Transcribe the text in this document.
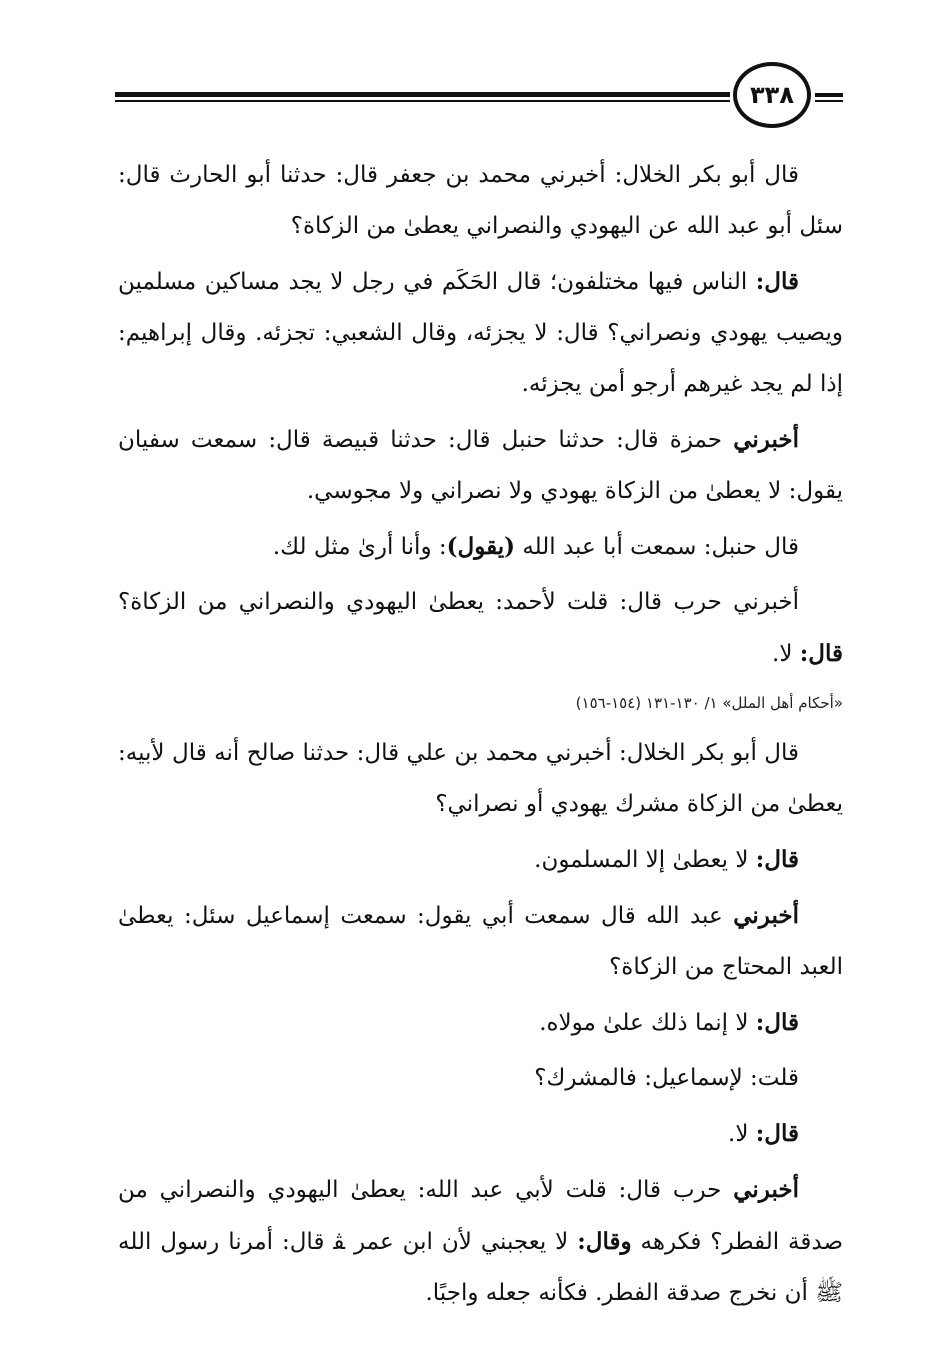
٣٣٨

قال أبو بكر الخلال: أخبرني محمد بن جعفر قال: حدثنا أبو الحارث قال: سئل أبو عبد الله عن اليهودي والنصراني يعطىٰ من الزكاة؟

قال: الناس فيها مختلفون؛ قال الحَكَم في رجل لا يجد مساكين مسلمين ويصيب يهودي ونصراني؟ قال: لا يجزئه، وقال الشعبي: تجزئه. وقال إبراهيم: إذا لم يجد غيرهم أرجو أمن يجزئه.

أخبرني حمزة قال: حدثنا حنبل قال: حدثنا قبيصة قال: سمعت سفيان يقول: لا يعطىٰ من الزكاة يهودي ولا نصراني ولا مجوسي.

قال حنبل: سمعت أبا عبد الله (يقول): وأنا أرىٰ مثل لك.

أخبرني حرب قال: قلت لأحمد: يعطىٰ اليهودي والنصراني من الزكاة؟ قال: لا.

«أحكام أهل الملل» ١/ ١٣٠-١٣١ (١٥٤-١٥٦)

قال أبو بكر الخلال: أخبرني محمد بن علي قال: حدثنا صالح أنه قال لأبيه: يعطىٰ من الزكاة مشرك يهودي أو نصراني؟

قال: لا يعطىٰ إلا المسلمون.

أخبرني عبد الله قال سمعت أبي يقول: سمعت إسماعيل سئل: يعطىٰ العبد المحتاج من الزكاة؟

قال: لا إنما ذلك علىٰ مولاه.

قلت: لإسماعيل: فالمشرك؟

قال: لا.

أخبرني حرب قال: قلت لأبي عبد الله: يعطىٰ اليهودي والنصراني من صدقة الفطر؟ فكرهه وقال: لا يعجبني لأن ابن عمر ﭭ قال: أمرنا رسول الله ﷺ أن نخرج صدقة الفطر. فكأنه جعله واجبًا.
